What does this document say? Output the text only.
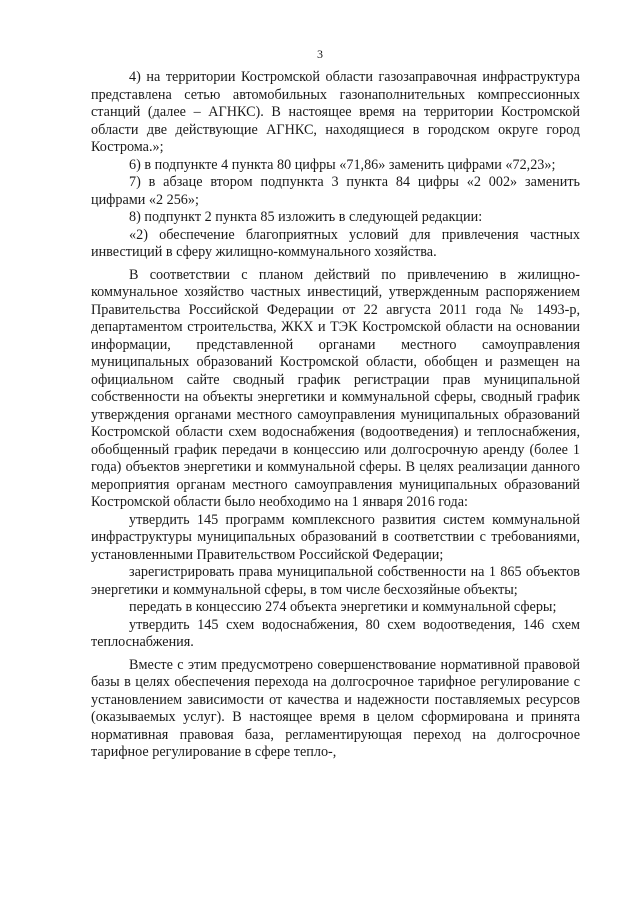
3

4) на территории Костромской области газозаправочная инфраструктура представлена сетью автомобильных газонаполнительных компрессионных станций (далее – АГНКС). В настоящее время на территории Костромской области две действующие АГНКС, находящиеся в городском округе город Кострома.»;

6) в подпункте 4 пункта 80 цифры «71,86» заменить цифрами «72,23»;

7) в абзаце втором подпункта 3 пункта 84 цифры «2 002» заменить цифрами «2 256»;

8) подпункт 2 пункта 85 изложить в следующей редакции:

«2) обеспечение благоприятных условий для привлечения частных инвестиций в сферу жилищно-коммунального хозяйства.

В соответствии с планом действий по привлечению в жилищно-коммунальное хозяйство частных инвестиций, утвержденным распоряжением Правительства Российской Федерации от 22 августа 2011 года № 1493-р, департаментом строительства, ЖКХ и ТЭК Костромской области на основании информации, представленной органами местного самоуправления муниципальных образований Костромской области, обобщен и размещен на официальном сайте сводный график регистрации прав муниципальной собственности на объекты энергетики и коммунальной сферы, сводный график утверждения органами местного самоуправления муниципальных образований Костромской области схем водоснабжения (водоотведения) и теплоснабжения, обобщенный график передачи в концессию или долгосрочную аренду (более 1 года) объектов энергетики и коммунальной сферы. В целях реализации данного мероприятия органам местного самоуправления муниципальных образований Костромской области было необходимо на 1 января 2016 года:

утвердить 145 программ комплексного развития систем коммунальной инфраструктуры муниципальных образований в соответствии с требованиями, установленными Правительством Российской Федерации;

зарегистрировать права муниципальной собственности на 1 865 объектов энергетики и коммунальной сферы, в том числе бесхозяйные объекты;

передать в концессию 274 объекта энергетики и коммунальной сферы;

утвердить 145 схем водоснабжения, 80 схем водоотведения, 146 схем теплоснабжения.

Вместе с этим предусмотрено совершенствование нормативной правовой базы в целях обеспечения перехода на долгосрочное тарифное регулирование с установлением зависимости от качества и надежности поставляемых ресурсов (оказываемых услуг). В настоящее время в целом сформирована и принята нормативная правовая база, регламентирующая переход на долгосрочное тарифное регулирование в сфере тепло-,
